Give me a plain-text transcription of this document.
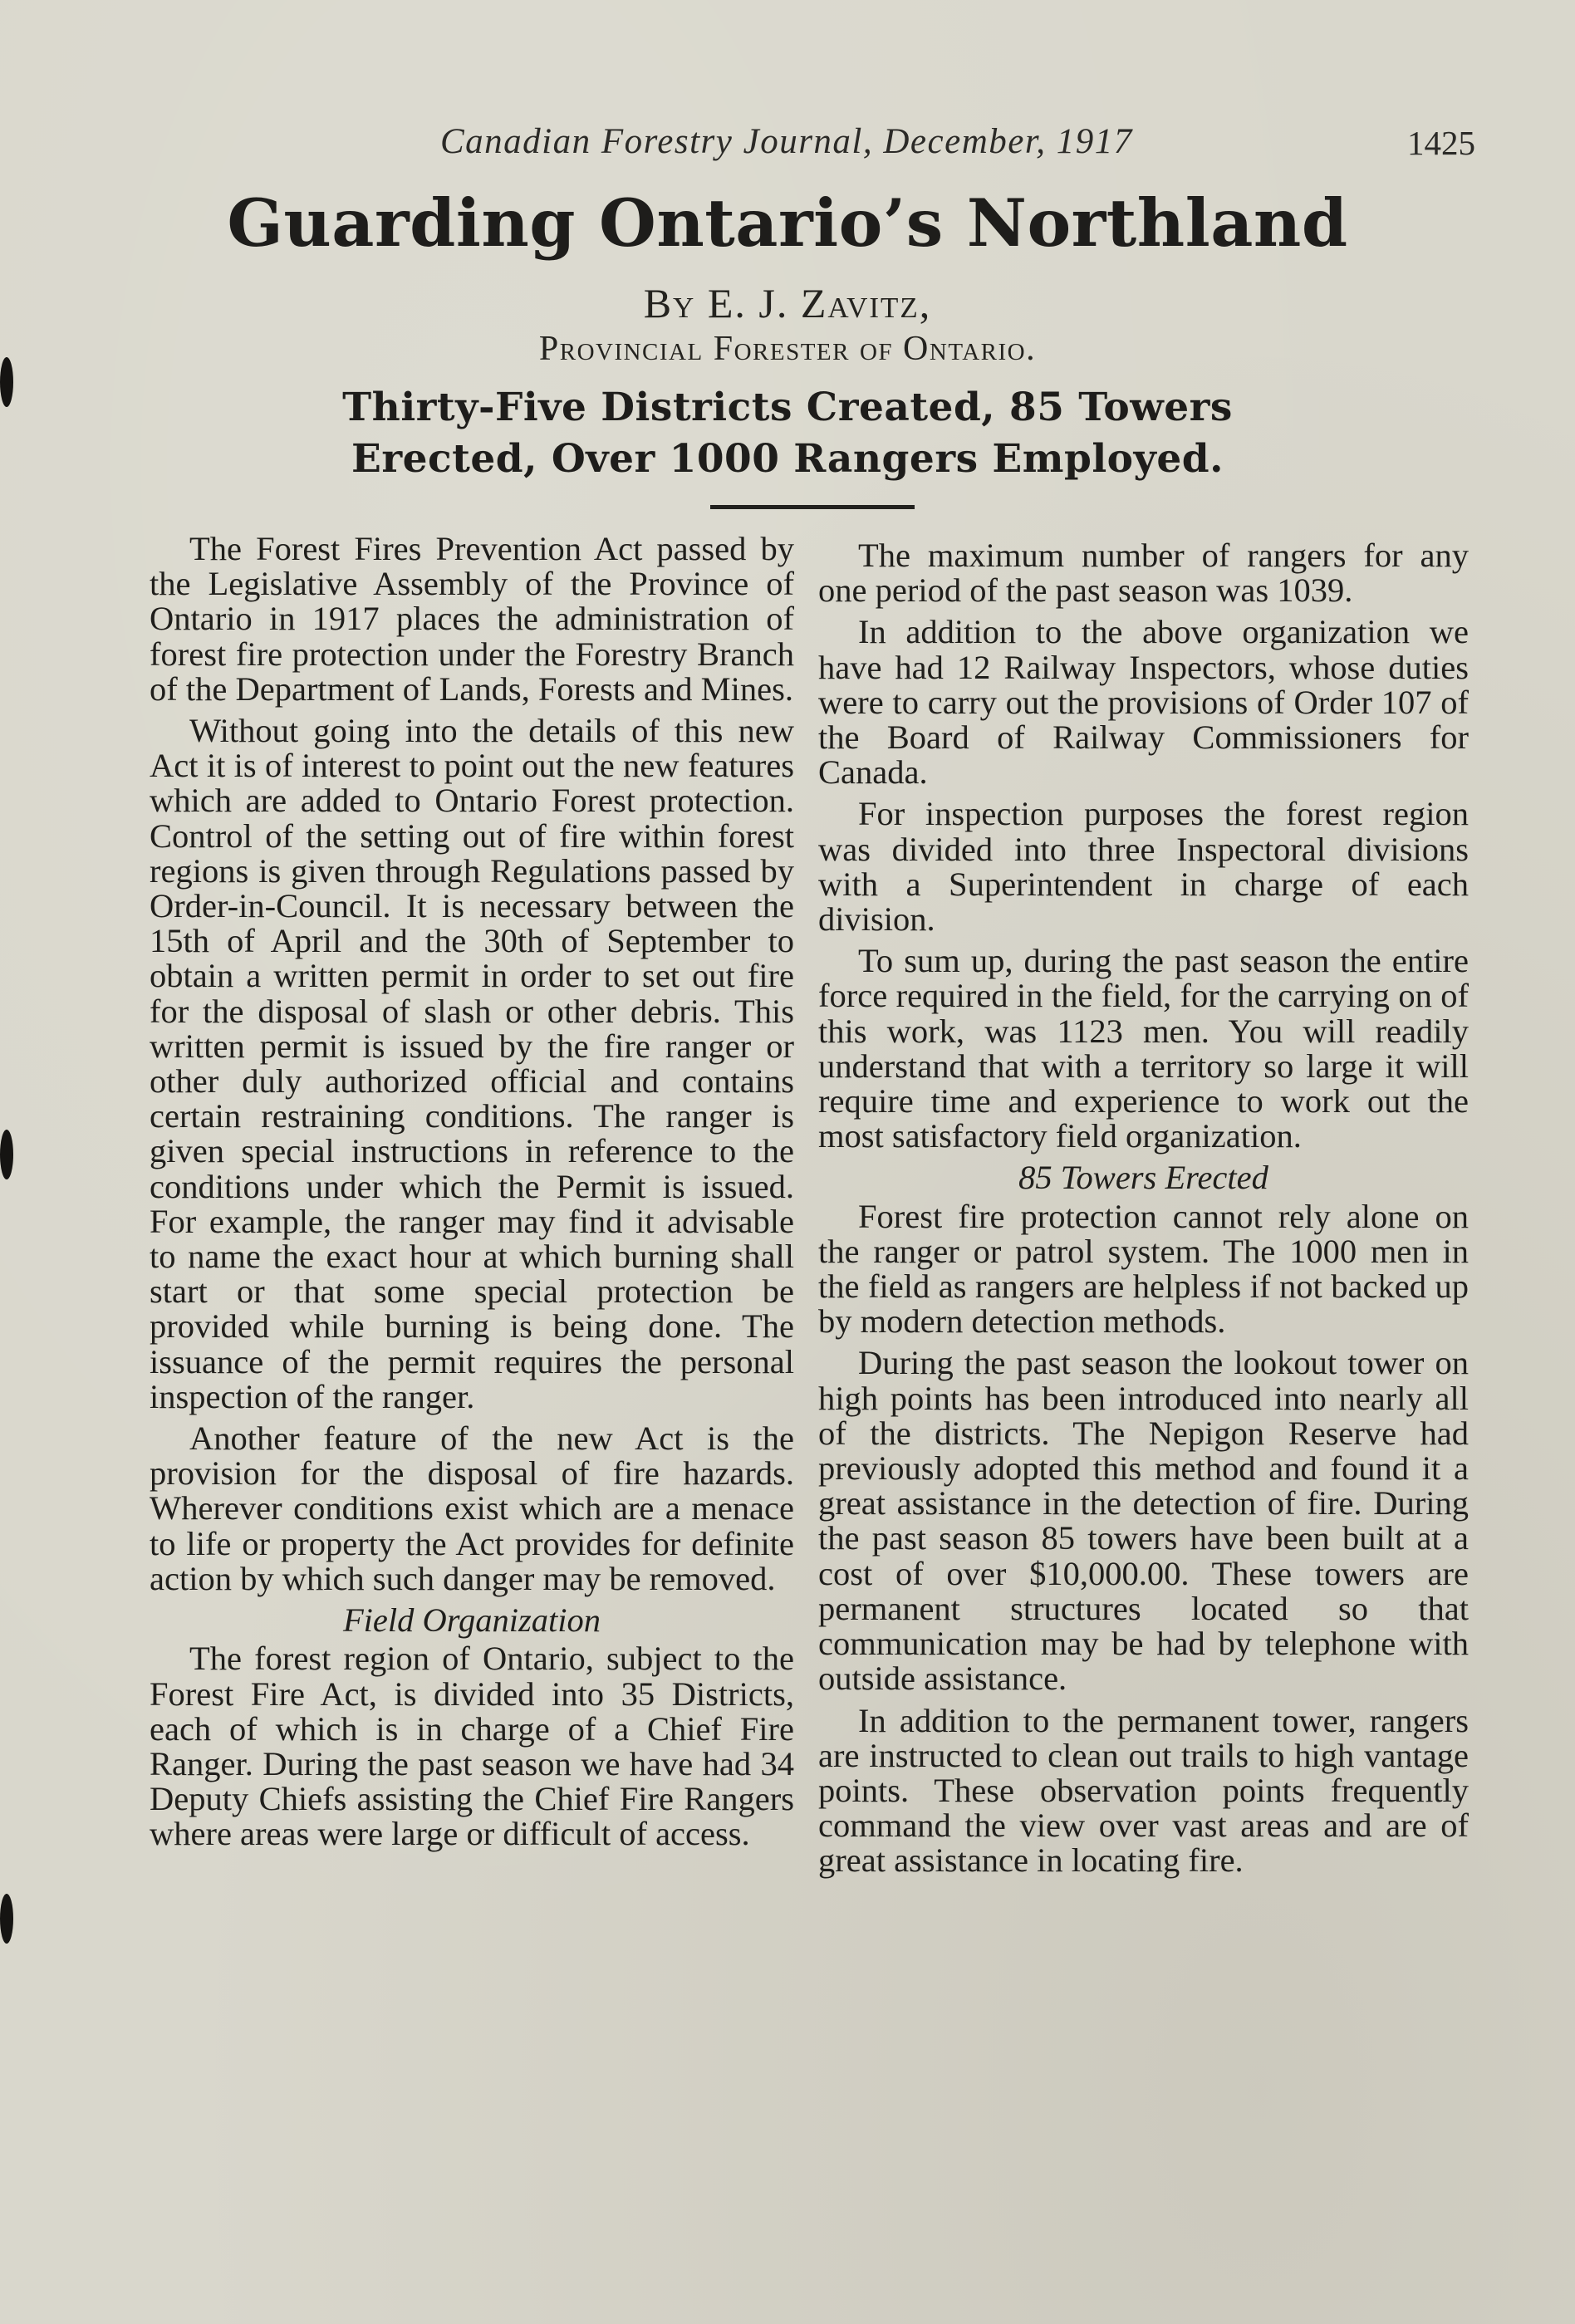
Canadian Forestry Journal, December, 1917	1425
Guarding Ontario’s Northland
By E. J. Zavitz,
Provincial Forester of Ontario.
Thirty-Five Districts Created, 85 Towers
Erected, Over 1000 Rangers Employed.

The Forest Fires Prevention Act passed by the Legislative Assembly of the Province of Ontario in 1917 places the administration of forest fire protection under the Forestry Branch of the Department of Lands, Forests and Mines.

Without going into the details of this new Act it is of interest to point out the new features which are added to Ontario Forest protection. Control of the setting out of fire within forest regions is given through Regulations passed by Order-in-Council. It is necessary between the 15th of April and the 30th of September to obtain a written permit in order to set out fire for the disposal of slash or other debris. This written permit is issued by the fire ranger or other duly authorized official and contains certain restraining conditions. The ranger is given special instructions in reference to the conditions under which the Permit is issued. For example, the ranger may find it advisable to name the exact hour at which burning shall start or that some special protection be provided while burning is being done. The issuance of the permit requires the personal inspection of the ranger.

Another feature of the new Act is the provision for the disposal of fire hazards. Wherever conditions exist which are a menace to life or property the Act provides for definite action by which such danger may be removed.

Field Organization

The forest region of Ontario, subject to the Forest Fire Act, is divided into 35 Districts, each of which is in charge of a Chief Fire Ranger. During the past season we have had 34 Deputy Chiefs assisting the Chief Fire Rangers where areas were large or difficult of access.

The maximum number of rangers for any one period of the past season was 1039.

In addition to the above organization we have had 12 Railway Inspectors, whose duties were to carry out the provisions of Order 107 of the Board of Railway Commissioners for Canada.

For inspection purposes the forest region was divided into three Inspectoral divisions with a Superintendent in charge of each division.

To sum up, during the past season the entire force required in the field, for the carrying on of this work, was 1123 men. You will readily understand that with a territory so large it will require time and experience to work out the most satisfactory field organization.

85 Towers Erected

Forest fire protection cannot rely alone on the ranger or patrol system. The 1000 men in the field as rangers are helpless if not backed up by modern detection methods.

During the past season the lookout tower on high points has been introduced into nearly all of the districts. The Nepigon Reserve had previously adopted this method and found it a great assistance in the detection of fire. During the past season 85 towers have been built at a cost of over $10,000.00. These towers are permanent structures located so that communication may be had by telephone with outside assistance.

In addition to the permanent tower, rangers are instructed to clean out trails to high vantage points. These observation points frequently command the view over vast areas and are of great assistance in locating fire.
